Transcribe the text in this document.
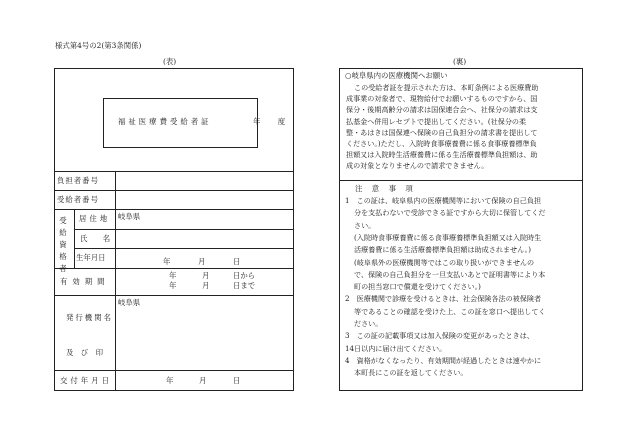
様式第4号の2(第3条関係)
(表)
福祉医療費受給者証	年　度
負担者番号
受給者番号
受給資格者
居住地 岐阜県
氏　名
生年月日	年	月	日
有効期間
年	月	日から
年	月	日まで
発行機関名
及　び　印
岐阜県
交付年月日	年	月	日
(裏)
○岐阜県内の医療機関へお願い
この受給者証を提示された方は、本町条例による医療費助
成事業の対象者で、現物給付でお願いするものですから、国
保分・後期高齢分の請求は国保連合会へ、社保分の請求は支
払基金へ併用レセプトで提出してください。(社保分の柔
整・あはきは国保連へ保険の自己負担分の請求書を提出して
ください。)ただし、入院時食事療養費に係る食事療養標準負
担額又は入院時生活療養費に係る生活療養標準負担額は、助
成の対象となりませんので請求できません。
注　意　事　項
1　この証は、岐阜県内の医療機関等において保険の自己負担
分を支払わないで受診できる証ですから大切に保管してくだ
さい。
(入院時食事療養費に係る食事療養標準負担額又は入院時生
活療養費に係る生活療養標準負担額は助成されません。)
(岐阜県外の医療機関等ではこの取り扱いができませんの
で、保険の自己負担分を一旦支払いあとで証明書等により本
町の担当窓口で償還を受けてください。)
2　医療機関で診療を受けるときは、社会保険各法の被保険者
等であることの確認を受けた上、この証を窓口へ提出してく
ださい。
3　この証の記載事項又は加入保険の変更があったときは、
14日以内に届け出てください。
4　資格がなくなったり、有効期間が経過したときは速やかに
本町長にこの証を返してください。
